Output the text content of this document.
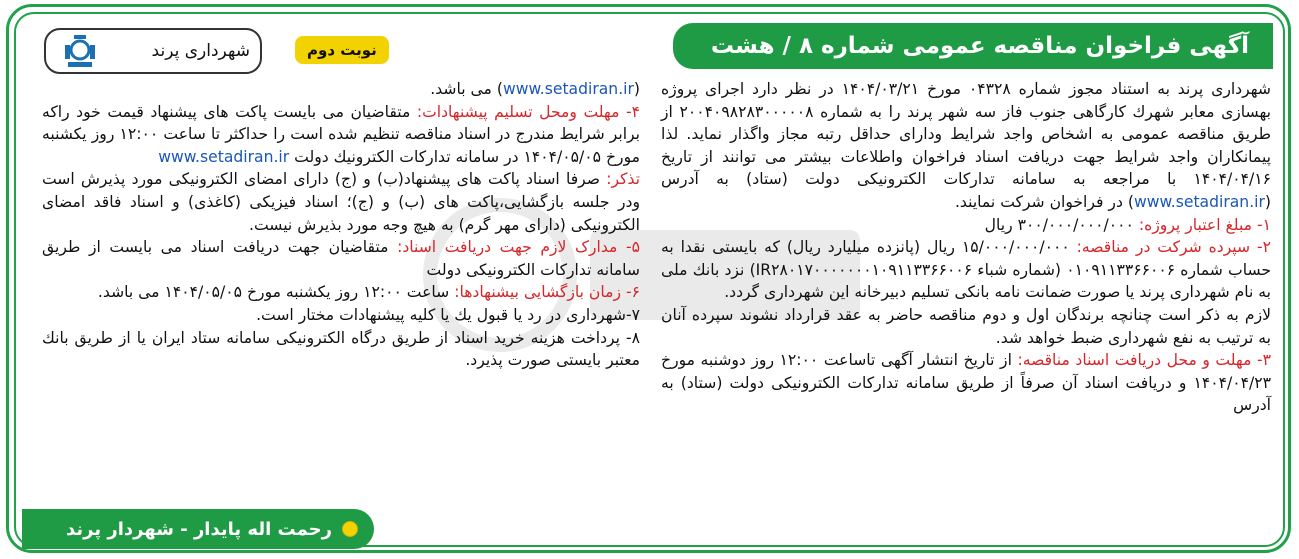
آگهی فراخوان مناقصه عمومی شماره ۸ / هشت
نوبت دوم
شهرداری پرند

شهرداری پرند به استناد مجوز شماره ۰۴۳۲۸ مورخ ۱۴۰۴/۰۳/۲۱ در نظر دارد اجرای پروژه بهسازی معابر شهرك كارگاهی جنوب فاز سه شهر پرند را به شماره ۲۰۰۴۰۹۸۲۸۳۰۰۰۰۰۸ از طریق مناقصه عمومی به اشخاص واجد شرایط ودارای حداقل رتبه مجاز واگذار نماید. لذا پیمانکاران واجد شرایط جهت دریافت اسناد فراخوان واطلاعات بیشتر می توانند از تاریخ ۱۴۰۴/۰۴/۱۶ با مراجعه به سامانه تدارکات الکترونیکی دولت (ستاد) به آدرس (www.setadiran.ir) در فراخوان شرکت نمایند.

۱- مبلغ اعتبار پروژه: ۳۰۰/۰۰۰/۰۰۰/۰۰۰ ریال

۲- سپرده شرکت در مناقصه: ۱۵/۰۰۰/۰۰۰/۰۰۰ ریال (پانزده میلیارد ریال) که بایستی نقدا به حساب شماره ۰۱۰۹۱۱۳۳۶۶۰۰۶ (شماره شباء IR۲۸۰۱۷۰۰۰۰۰۰۰۱۰۹۱۱۳۳۶۶۰۰۶) نزد بانك ملی به نام شهرداری پرند یا صورت ضمانت نامه بانكی تسلیم دبیرخانه این شهرداری گردد.

لازم به ذكر است چنانچه برندگان اول و دوم مناقصه حاضر به عقد قرارداد نشوند سپرده آنان به ترتیب به نفع شهرداری ضبط خواهد شد.

۳- مهلت و محل دریافت اسناد مناقصه: از تاریخ انتشار آگهی تاساعت ۱۲:۰۰ روز دوشنبه مورخ ۱۴۰۴/۰۴/۲۳ و دریافت اسناد آن صرفاً از طریق سامانه تدارکات الکترونیکی دولت (ستاد) به آدرس

(www.setadiran.ir) می باشد.

۴- مهلت ومحل تسلیم پیشنهادات: متقاضیان می بایست پاکت های پیشنهاد قیمت خود راكه برابر شرایط مندرج در اسناد مناقصه تنظیم شده است را حداكثر تا ساعت ۱۲:۰۰ روز یکشنبه مورخ ۱۴۰۴/۰۵/۰۵ در سامانه تداركات الكترونیك دولت www.setadiran.ir

تذکر: صرفا اسناد پاکت های پیشنهاد(ب) و (ج) دارای امضای الکترونیکی مورد پذیرش است ودر جلسه بازگشایی،پاکت های (ب) و (ج)؛ اسناد فیزیکی (کاغذی) و اسناد فاقد امضای الکترونیکی (دارای مهر گرم) به هیچ وجه مورد بذیرش نیست.

۵- مدارک لازم جهت دریافت اسناد: متقاضیان جهت دریافت اسناد می بایست از طریق سامانه تدارکات الکترونیکی دولت

۶- زمان بازگشایی بیشنهادها: ساعت ۱۲:۰۰ روز یکشنبه مورخ ۱۴۰۴/۰۵/۰۵ می باشد.

۷-شهرداری در رد یا قبول یك یا كلیه پیشنهادات مختار است.

۸- پرداخت هزینه خرید اسناد از طریق درگاه الكترونیكی سامانه ستاد ایران یا از طریق بانك معتبر بایستی صورت پذیرد.

رحمت اله پایدار - شهردار پرند
